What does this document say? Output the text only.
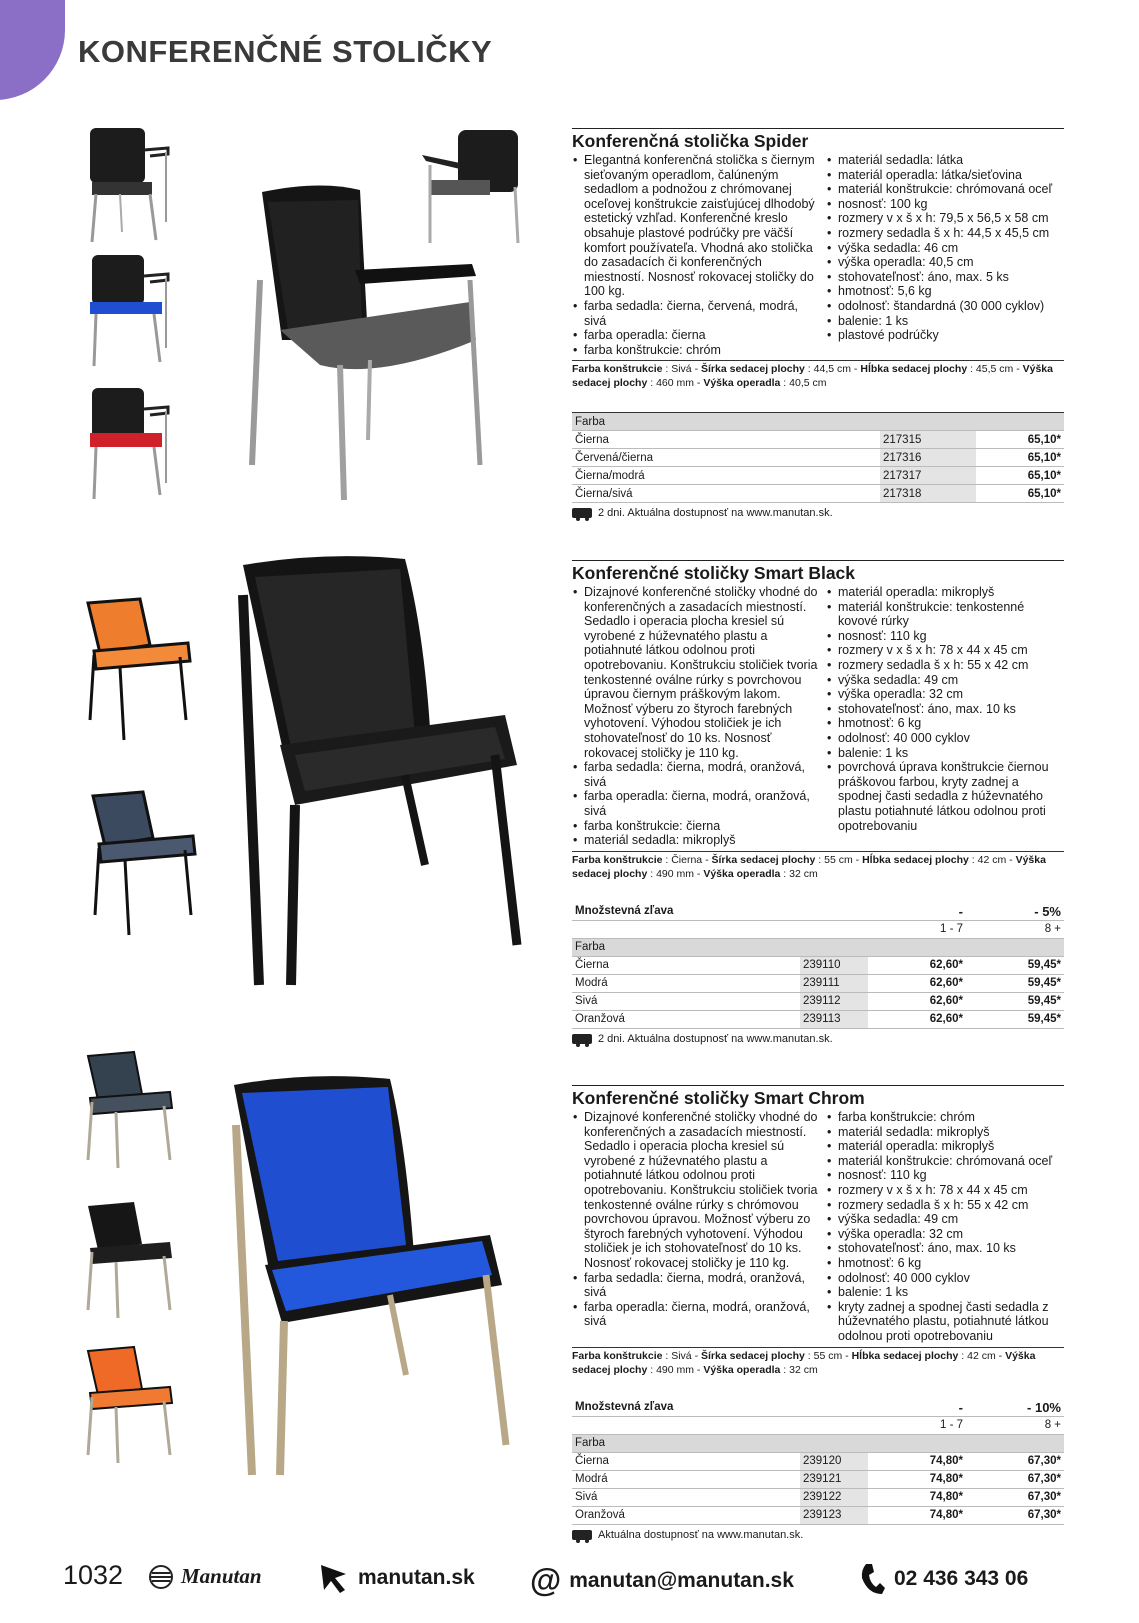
KONFERENČNÉ STOLIČKY
Konferenčná stolička Spider
• Elegantná konferenčná stolička s čiernym sieťovaným operadlom, čalúneným sedadlom a podnožou z chrómovanej oceľovej konštrukcie zaisťujúcej dlhodobý estetický vzhľad. Konferenčné kreslo obsahuje plastové podrúčky pre väčší komfort používateľa. Vhodná ako stolička do zasadacích či konferenčných miestností. Nosnosť rokovacej stoličky do 100 kg.
• farba sedadla: čierna, červená, modrá, sivá
• farba operadla: čierna
• farba konštrukcie: chróm
• materiál sedadla: látka
• materiál operadla: látka/sieťovina
• materiál konštrukcie: chrómovaná oceľ
• nosnosť: 100 kg
• rozmery v x š x h: 79,5 x 56,5 x 58 cm
• rozmery sedadla š x h: 44,5 x 45,5 cm
• výška sedadla: 46 cm
• výška operadla: 40,5 cm
• stohovateľnosť: áno, max. 5 ks
• hmotnosť: 5,6 kg
• odolnosť: štandardná (30 000 cyklov)
• balenie: 1 ks
• plastové podrúčky
Farba konštrukcie : Sivá - Šírka sedacej plochy : 44,5 cm - Hĺbka sedacej plochy : 45,5 cm - Výška sedacej plochy : 460 mm - Výška operadla : 40,5 cm
Farba		
Čierna	217315	65,10*
Červená/čierna	217316	65,10*
Čierna/modrá	217317	65,10*
Čierna/sivá	217318	65,10*
2 dni. Aktuálna dostupnosť na www.manutan.sk.
Konferenčné stoličky Smart Black
• Dizajnové konferenčné stoličky vhodné do konferenčných a zasadacích miestností. Sedadlo i operacia plocha kresiel sú vyrobené z húževnatého plastu a potiahnuté látkou odolnou proti opotrebovaniu. Konštrukciu stoličiek tvoria tenkostenné oválne rúrky s povrchovou úpravou čiernym práškovým lakom. Možnosť výberu zo štyroch farebných vyhotovení. Výhodou stoličiek je ich stohovateľnosť do 10 ks. Nosnosť rokovacej stoličky je 110 kg.
• farba sedadla: čierna, modrá, oranžová, sivá
• farba operadla: čierna, modrá, oranžová, sivá
• farba konštrukcie: čierna
• materiál sedadla: mikroplyš
• materiál operadla: mikroplyš
• materiál konštrukcie: tenkostenné kovové rúrky
• nosnosť: 110 kg
• rozmery v x š x h: 78 x 44 x 45 cm
• rozmery sedadla š x h: 55 x 42 cm
• výška sedadla: 49 cm
• výška operadla: 32 cm
• stohovateľnosť: áno, max. 10 ks
• hmotnosť: 6 kg
• odolnosť: 40 000 cyklov
• balenie: 1 ks
• povrchová úprava konštrukcie čiernou práškovou farbou, kryty zadnej a spodnej časti sedadla z húževnatého plastu potiahnuté látkou odolnou proti opotrebovaniu
Farba konštrukcie : Čierna - Šírka sedacej plochy : 55 cm - Hĺbka sedacej plochy : 42 cm - Výška sedacej plochy : 490 mm - Výška operadla : 32 cm
Množstevná zľava		-	- 5%
		1 - 7	8 +
Farba			
Čierna	239110	62,60*	59,45*
Modrá	239111	62,60*	59,45*
Sivá	239112	62,60*	59,45*
Oranžová	239113	62,60*	59,45*
2 dni. Aktuálna dostupnosť na www.manutan.sk.
Konferenčné stoličky Smart Chrom
• Dizajnové konferenčné stoličky vhodné do konferenčných a zasadacích miestností. Sedadlo i operacia plocha kresiel sú vyrobené z húževnatého plastu a potiahnuté látkou odolnou proti opotrebovaniu. Konštrukciu stoličiek tvoria tenkostenné oválne rúrky s chrómovou povrchovou úpravou. Možnosť výberu zo štyroch farebných vyhotovení. Výhodou stoličiek je ich stohovateľnosť do 10 ks. Nosnosť rokovacej stoličky je 110 kg.
• farba sedadla: čierna, modrá, oranžová, sivá
• farba operadla: čierna, modrá, oranžová, sivá
• farba konštrukcie: chróm
• materiál sedadla: mikroplyš
• materiál operadla: mikroplyš
• materiál konštrukcie: chrómovaná oceľ
• nosnosť: 110 kg
• rozmery v x š x h: 78 x 44 x 45 cm
• rozmery sedadla š x h: 55 x 42 cm
• výška sedadla: 49 cm
• výška operadla: 32 cm
• stohovateľnosť: áno, max. 10 ks
• hmotnosť: 6 kg
• odolnosť: 40 000 cyklov
• balenie: 1 ks
• kryty zadnej a spodnej časti sedadla z húževnatého plastu, potiahnuté látkou odolnou proti opotrebovaniu
Farba konštrukcie : Sivá - Šírka sedacej plochy : 55 cm - Hĺbka sedacej plochy : 42 cm - Výška sedacej plochy : 490 mm - Výška operadla : 32 cm
Množstevná zľava		-	- 10%
		1 - 7	8 +
Farba			
Čierna	239120	74,80*	67,30*
Modrá	239121	74,80*	67,30*
Sivá	239122	74,80*	67,30*
Oranžová	239123	74,80*	67,30*
Aktuálna dostupnosť na www.manutan.sk.
1032	Manutan	manutan.sk @ manutan@manutan.sk	02 436 343 06
